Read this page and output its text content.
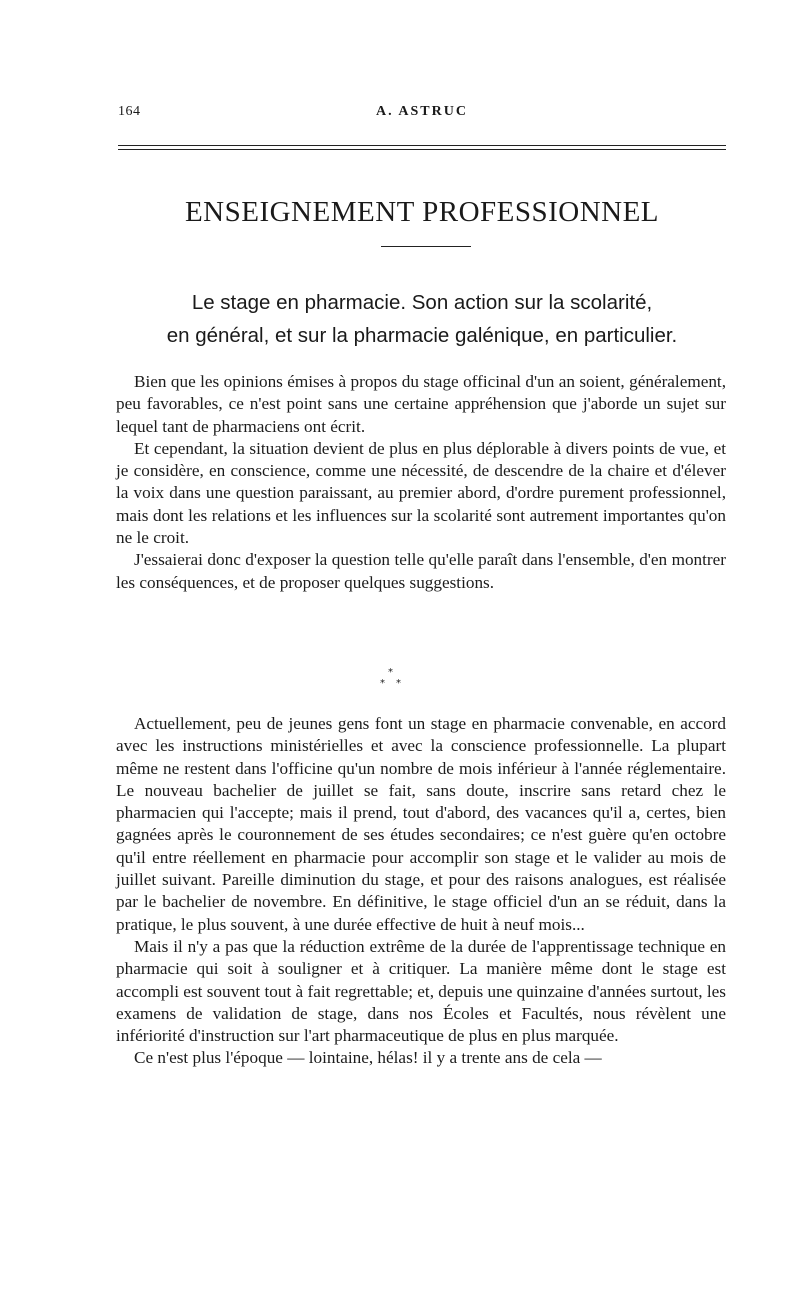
164	A. ASTRUC
ENSEIGNEMENT PROFESSIONNEL
Le stage en pharmacie. Son action sur la scolarité,
en général, et sur la pharmacie galénique, en particulier.

Bien que les opinions émises à propos du stage officinal d'un an soient, généralement, peu favorables, ce n'est point sans une certaine appréhension que j'aborde un sujet sur lequel tant de pharmaciens ont écrit.

Et cependant, la situation devient de plus en plus déplorable à divers points de vue, et je considère, en conscience, comme une nécessité, de descendre de la chaire et d'élever la voix dans une question paraissant, au premier abord, d'ordre purement professionnel, mais dont les relations et les influences sur la scolarité sont autrement importantes qu'on ne le croit.

J'essaierai donc d'exposer la question telle qu'elle paraît dans l'ensemble, d'en montrer les conséquences, et de proposer quelques suggestions.

*
* *

Actuellement, peu de jeunes gens font un stage en pharmacie convenable, en accord avec les instructions ministérielles et avec la conscience professionnelle. La plupart même ne restent dans l'officine qu'un nombre de mois inférieur à l'année réglementaire. Le nouveau bachelier de juillet se fait, sans doute, inscrire sans retard chez le pharmacien qui l'accepte; mais il prend, tout d'abord, des vacances qu'il a, certes, bien gagnées après le couronnement de ses études secondaires; ce n'est guère qu'en octobre qu'il entre réellement en pharmacie pour accomplir son stage et le valider au mois de juillet suivant. Pareille diminution du stage, et pour des raisons analogues, est réalisée par le bachelier de novembre. En définitive, le stage officiel d'un an se réduit, dans la pratique, le plus souvent, à une durée effective de huit à neuf mois...

Mais il n'y a pas que la réduction extrême de la durée de l'apprentissage technique en pharmacie qui soit à souligner et à critiquer. La manière même dont le stage est accompli est souvent tout à fait regrettable; et, depuis une quinzaine d'années surtout, les examens de validation de stage, dans nos Écoles et Facultés, nous révèlent une infériorité d'instruction sur l'art pharmaceutique de plus en plus marquée.

Ce n'est plus l'époque — lointaine, hélas! il y a trente ans de cela —
